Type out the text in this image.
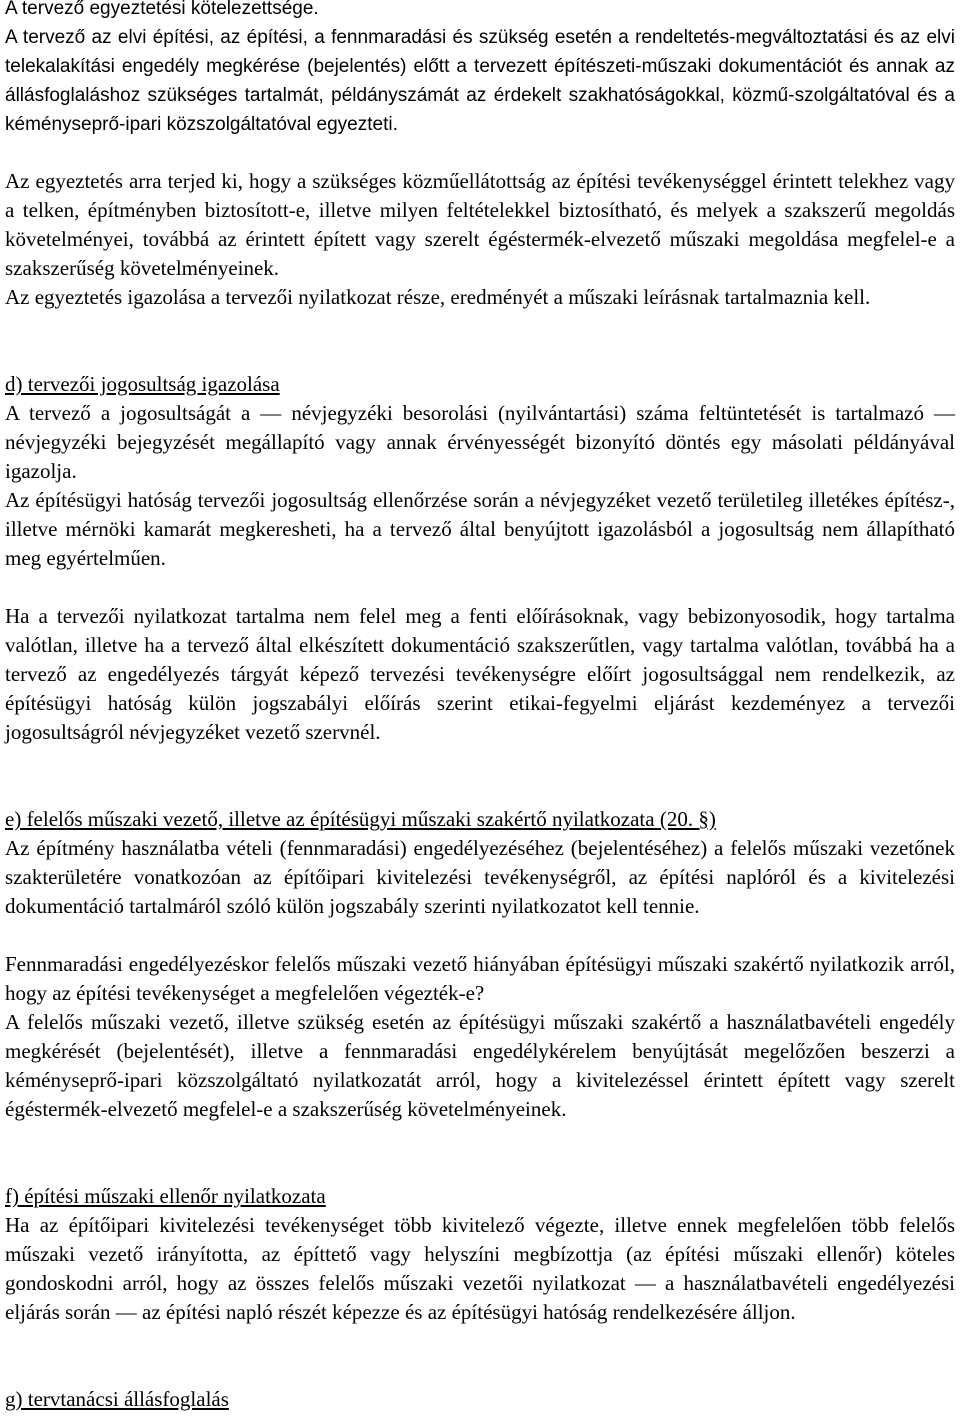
A tervező egyeztetési kötelezettsége.

A tervező az elvi építési, az építési, a fennmaradási és szükség esetén a rendeltetés-megváltoztatási és az elvi telekalakítási engedély megkérése (bejelentés) előtt a tervezett építészeti-műszaki dokumentációt és annak az állásfoglaláshoz szükséges tartalmát, példányszámát az érdekelt szakhatóságokkal, közmű-szolgáltatóval és a kéményseprő-ipari közszolgáltatóval egyezteti.

Az egyeztetés arra terjed ki, hogy a szükséges közműellátottság az építési tevékenységgel érintett telekhez vagy a telken, építményben biztosított-e, illetve milyen feltételekkel biztosítható, és melyek a szakszerű megoldás követelményei, továbbá az érintett épített vagy szerelt égéstermék-elvezető műszaki megoldása megfelel-e a szakszerűség követelményeinek.

Az egyeztetés igazolása a tervezői nyilatkozat része, eredményét a műszaki leírásnak tartalmaznia kell.

d) tervezői jogosultság igazolása

A tervező a jogosultságát a ― névjegyzéki besorolási (nyilvántartási) száma feltüntetését is tartalmazó ― névjegyzéki bejegyzését megállapító vagy annak érvényességét bizonyító döntés egy másolati példányával igazolja.

Az építésügyi hatóság tervezői jogosultság ellenőrzése során a névjegyzéket vezető területileg illetékes építész-, illetve mérnöki kamarát megkeresheti, ha a tervező által benyújtott igazolásból a jogosultság nem állapítható meg egyértelműen.

Ha a tervezői nyilatkozat tartalma nem felel meg a fenti előírásoknak, vagy bebizonyosodik, hogy tartalma valótlan, illetve ha a tervező által elkészített dokumentáció szakszerűtlen, vagy tartalma valótlan, továbbá ha a tervező az engedélyezés tárgyát képező tervezési tevékenységre előírt jogosultsággal nem rendelkezik, az építésügyi hatóság külön jogszabályi előírás szerint etikai-fegyelmi eljárást kezdeményez a tervezői jogosultságról névjegyzéket vezető szervnél.

e) felelős műszaki vezető, illetve az építésügyi műszaki szakértő nyilatkozata (20. §)

Az építmény használatba vételi (fennmaradási) engedélyezéséhez (bejelentéséhez) a felelős műszaki vezetőnek szakterületére vonatkozóan az építőipari kivitelezési tevékenységről, az építési naplóról és a kivitelezési dokumentáció tartalmáról szóló külön jogszabály szerinti nyilatkozatot kell tennie.

Fennmaradási engedélyezéskor felelős műszaki vezető hiányában építésügyi műszaki szakértő nyilatkozik arról, hogy az építési tevékenységet a megfelelően végezték-e?

A felelős műszaki vezető, illetve szükség esetén az építésügyi műszaki szakértő a használatbavételi engedély megkérését (bejelentését), illetve a fennmaradási engedélykérelem benyújtását megelőzően beszerzi a kéményseprő-ipari közszolgáltató nyilatkozatát arról, hogy a kivitelezéssel érintett épített vagy szerelt égéstermék-elvezető megfelel-e a szakszerűség követelményeinek.

f) építési műszaki ellenőr nyilatkozata

Ha az építőipari kivitelezési tevékenységet több kivitelező végezte, illetve ennek megfelelően több felelős műszaki vezető irányította, az építtető vagy helyszíni megbízottja (az építési műszaki ellenőr) köteles gondoskodni arról, hogy az összes felelős műszaki vezetői nyilatkozat ― a használatbavételi engedélyezési eljárás során ― az építési napló részét képezze és az építésügyi hatóság rendelkezésére álljon.

g) tervtanácsi állásfoglalás
